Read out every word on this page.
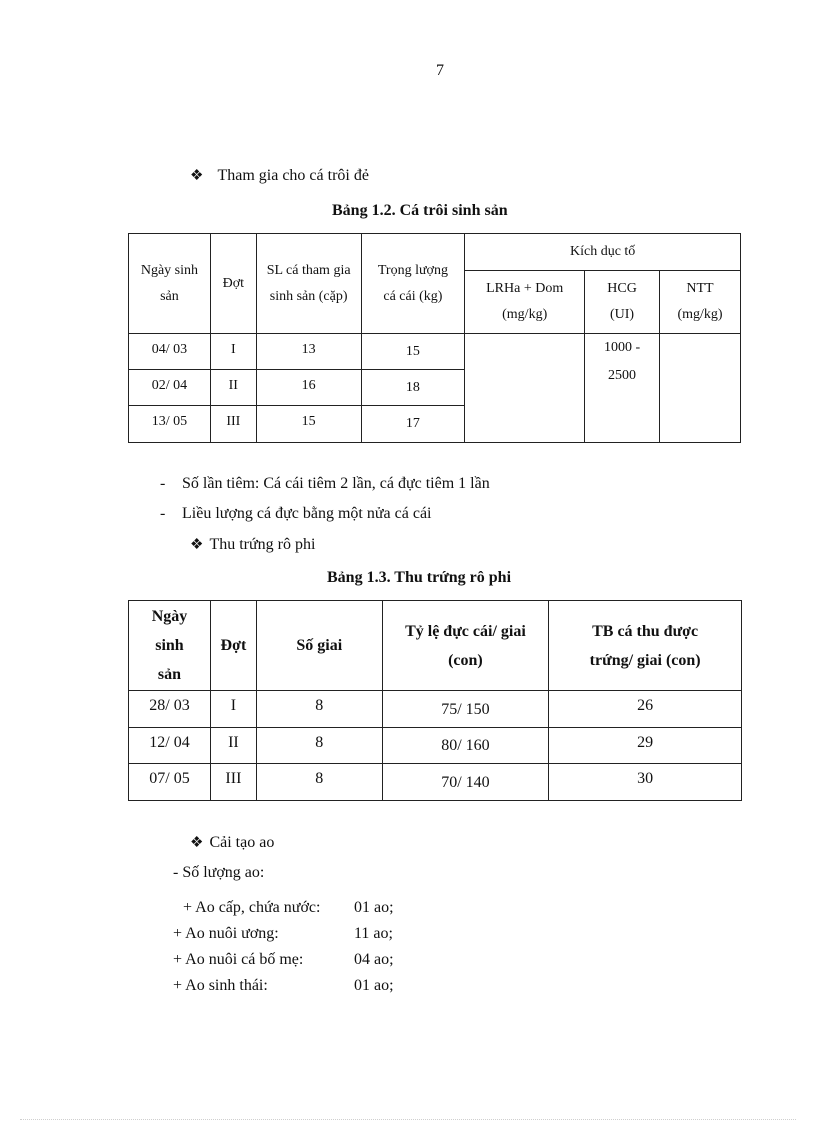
7
❖ Tham gia cho cá trôi đẻ
Bảng 1.2. Cá trôi sinh sản
Ngày sinh sản	Đợt	SL cá tham gia sinh sản (cặp)	Trọng lượng cá cái (kg)	Kích dục tố		
				LRHa + Dom (mg/kg)	HCG (UI)	NTT (mg/kg)
04/ 03	I	13	15		1000 - 2500	
02/ 04	II	16	18			
13/ 05	III	15	17			
- Số lần tiêm: Cá cái tiêm 2 lần, cá đực tiêm 1 lần
- Liều lượng cá đực bằng một nửa cá cái
❖ Thu trứng rô phi
Bảng 1.3. Thu trứng rô phi
Ngày sinh sản	Đợt	Số giai	Tỷ lệ đực cái/ giai (con)	TB cá thu được trứng/ giai (con)
28/ 03	I	8	75/ 150	26
12/ 04	II	8	80/ 160	29
07/ 05	III	8	70/ 140	30
❖ Cải tạo ao
- Số lượng ao:
+ Ao cấp, chứa nước: 01 ao;
+ Ao nuôi ương:	11 ao;
+ Ao nuôi cá bố mẹ:	04 ao;
+ Ao sinh thái:	01 ao;
